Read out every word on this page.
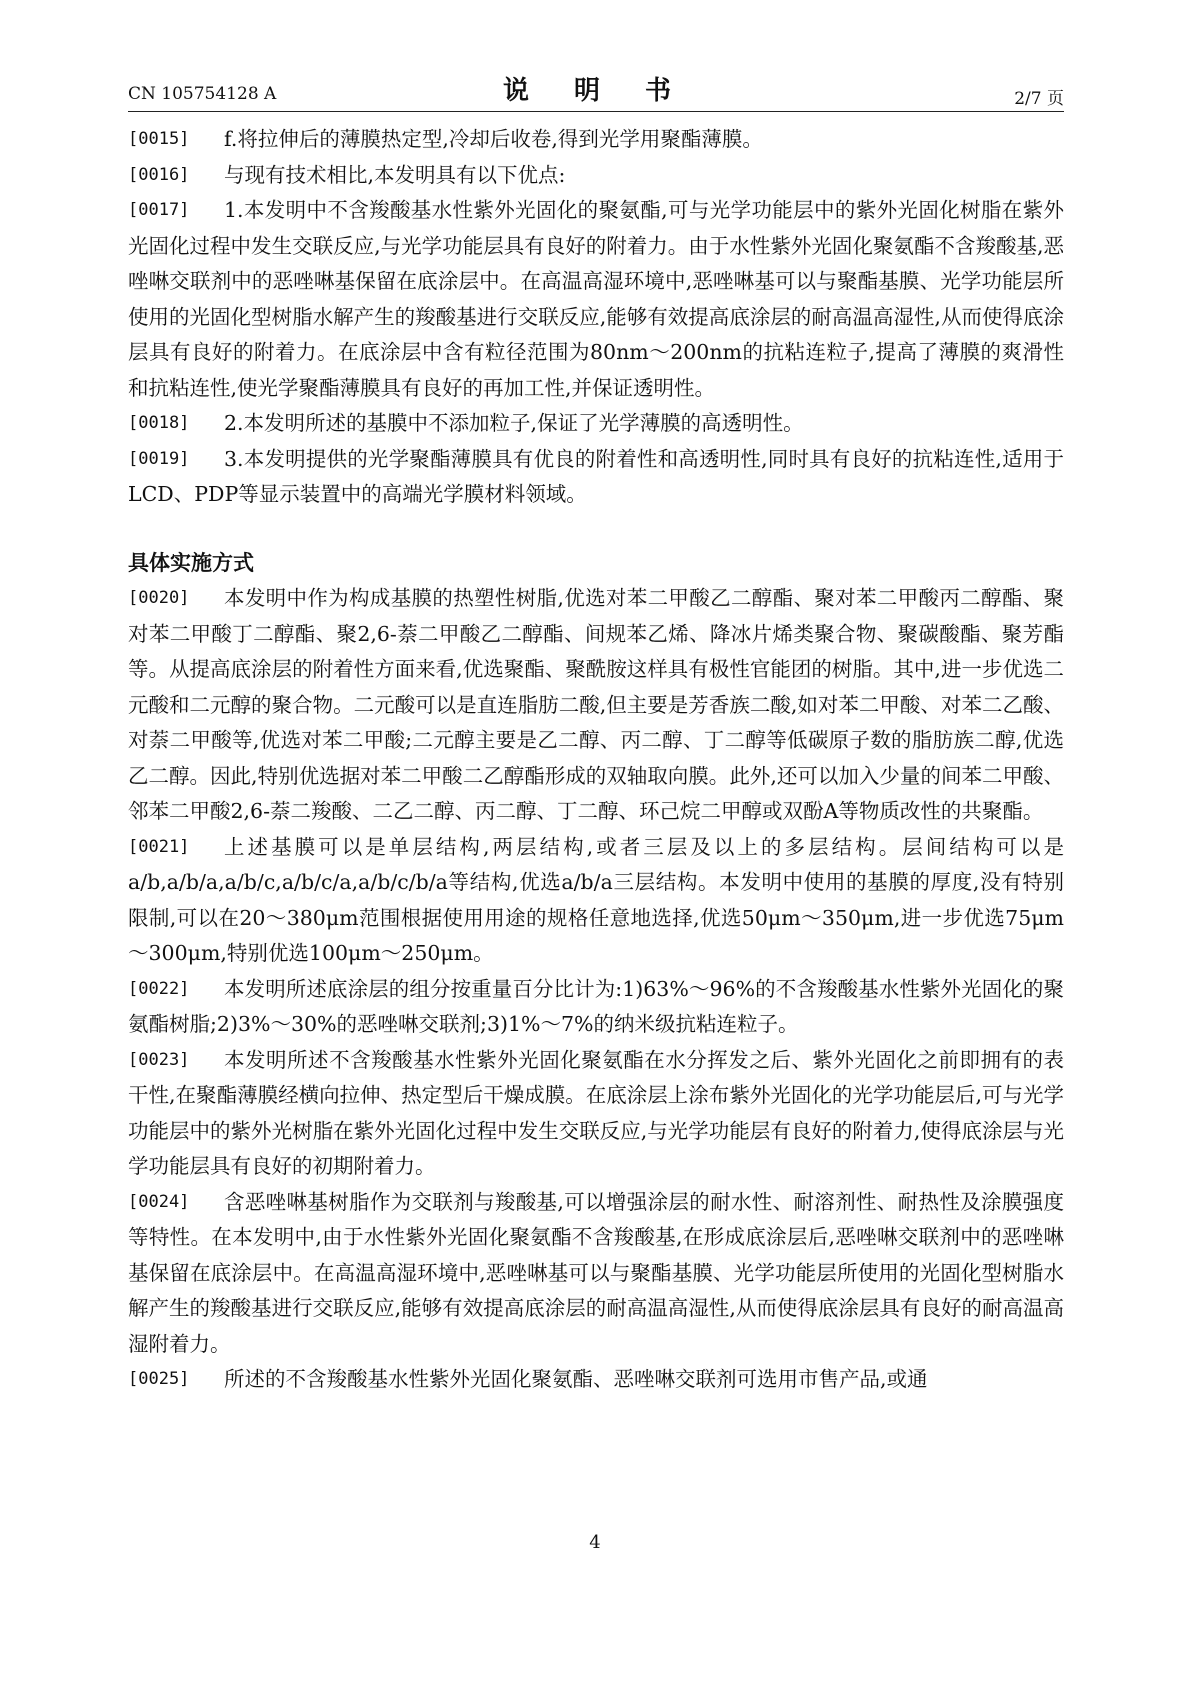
CN 105754128 A	说 明 书	2/7 页

[0015] f.将拉伸后的薄膜热定型,冷却后收卷,得到光学用聚酯薄膜。

[0016] 与现有技术相比,本发明具有以下优点:

[0017] 1.本发明中不含羧酸基水性紫外光固化的聚氨酯,可与光学功能层中的紫外光固化树脂在紫外光固化过程中发生交联反应,与光学功能层具有良好的附着力。由于水性紫外光固化聚氨酯不含羧酸基,恶唑啉交联剂中的恶唑啉基保留在底涂层中。在高温高湿环境中,恶唑啉基可以与聚酯基膜、光学功能层所使用的光固化型树脂水解产生的羧酸基进行交联反应,能够有效提高底涂层的耐高温高湿性,从而使得底涂层具有良好的附着力。在底涂层中含有粒径范围为80nm～200nm的抗粘连粒子,提高了薄膜的爽滑性和抗粘连性,使光学聚酯薄膜具有良好的再加工性,并保证透明性。

[0018] 2.本发明所述的基膜中不添加粒子,保证了光学薄膜的高透明性。

[0019] 3.本发明提供的光学聚酯薄膜具有优良的附着性和高透明性,同时具有良好的抗粘连性,适用于LCD、PDP等显示装置中的高端光学膜材料领域。

具体实施方式

[0020] 本发明中作为构成基膜的热塑性树脂,优选对苯二甲酸乙二醇酯、聚对苯二甲酸丙二醇酯、聚对苯二甲酸丁二醇酯、聚2,6-萘二甲酸乙二醇酯、间规苯乙烯、降冰片烯类聚合物、聚碳酸酯、聚芳酯等。从提高底涂层的附着性方面来看,优选聚酯、聚酰胺这样具有极性官能团的树脂。其中,进一步优选二元酸和二元醇的聚合物。二元酸可以是直连脂肪二酸,但主要是芳香族二酸,如对苯二甲酸、对苯二乙酸、对萘二甲酸等,优选对苯二甲酸;二元醇主要是乙二醇、丙二醇、丁二醇等低碳原子数的脂肪族二醇,优选乙二醇。因此,特别优选据对苯二甲酸二乙醇酯形成的双轴取向膜。此外,还可以加入少量的间苯二甲酸、邻苯二甲酸2,6-萘二羧酸、二乙二醇、丙二醇、丁二醇、环己烷二甲醇或双酚A等物质改性的共聚酯。

[0021] 上述基膜可以是单层结构,两层结构,或者三层及以上的多层结构。层间结构可以是a/b,a/b/a,a/b/c,a/b/c/a,a/b/c/b/a等结构,优选a/b/a三层结构。本发明中使用的基膜的厚度,没有特别限制,可以在20～380μm范围根据使用用途的规格任意地选择,优选50μm～350μm,进一步优选75μm～300μm,特别优选100μm～250μm。

[0022] 本发明所述底涂层的组分按重量百分比计为:1)63%～96%的不含羧酸基水性紫外光固化的聚氨酯树脂;2)3%～30%的恶唑啉交联剂;3)1%～7%的纳米级抗粘连粒子。

[0023] 本发明所述不含羧酸基水性紫外光固化聚氨酯在水分挥发之后、紫外光固化之前即拥有的表干性,在聚酯薄膜经横向拉伸、热定型后干燥成膜。在底涂层上涂布紫外光固化的光学功能层后,可与光学功能层中的紫外光树脂在紫外光固化过程中发生交联反应,与光学功能层有良好的附着力,使得底涂层与光学功能层具有良好的初期附着力。

[0024] 含恶唑啉基树脂作为交联剂与羧酸基,可以增强涂层的耐水性、耐溶剂性、耐热性及涂膜强度等特性。在本发明中,由于水性紫外光固化聚氨酯不含羧酸基,在形成底涂层后,恶唑啉交联剂中的恶唑啉基保留在底涂层中。在高温高湿环境中,恶唑啉基可以与聚酯基膜、光学功能层所使用的光固化型树脂水解产生的羧酸基进行交联反应,能够有效提高底涂层的耐高温高湿性,从而使得底涂层具有良好的耐高温高湿附着力。

[0025] 所述的不含羧酸基水性紫外光固化聚氨酯、恶唑啉交联剂可选用市售产品,或通

4
